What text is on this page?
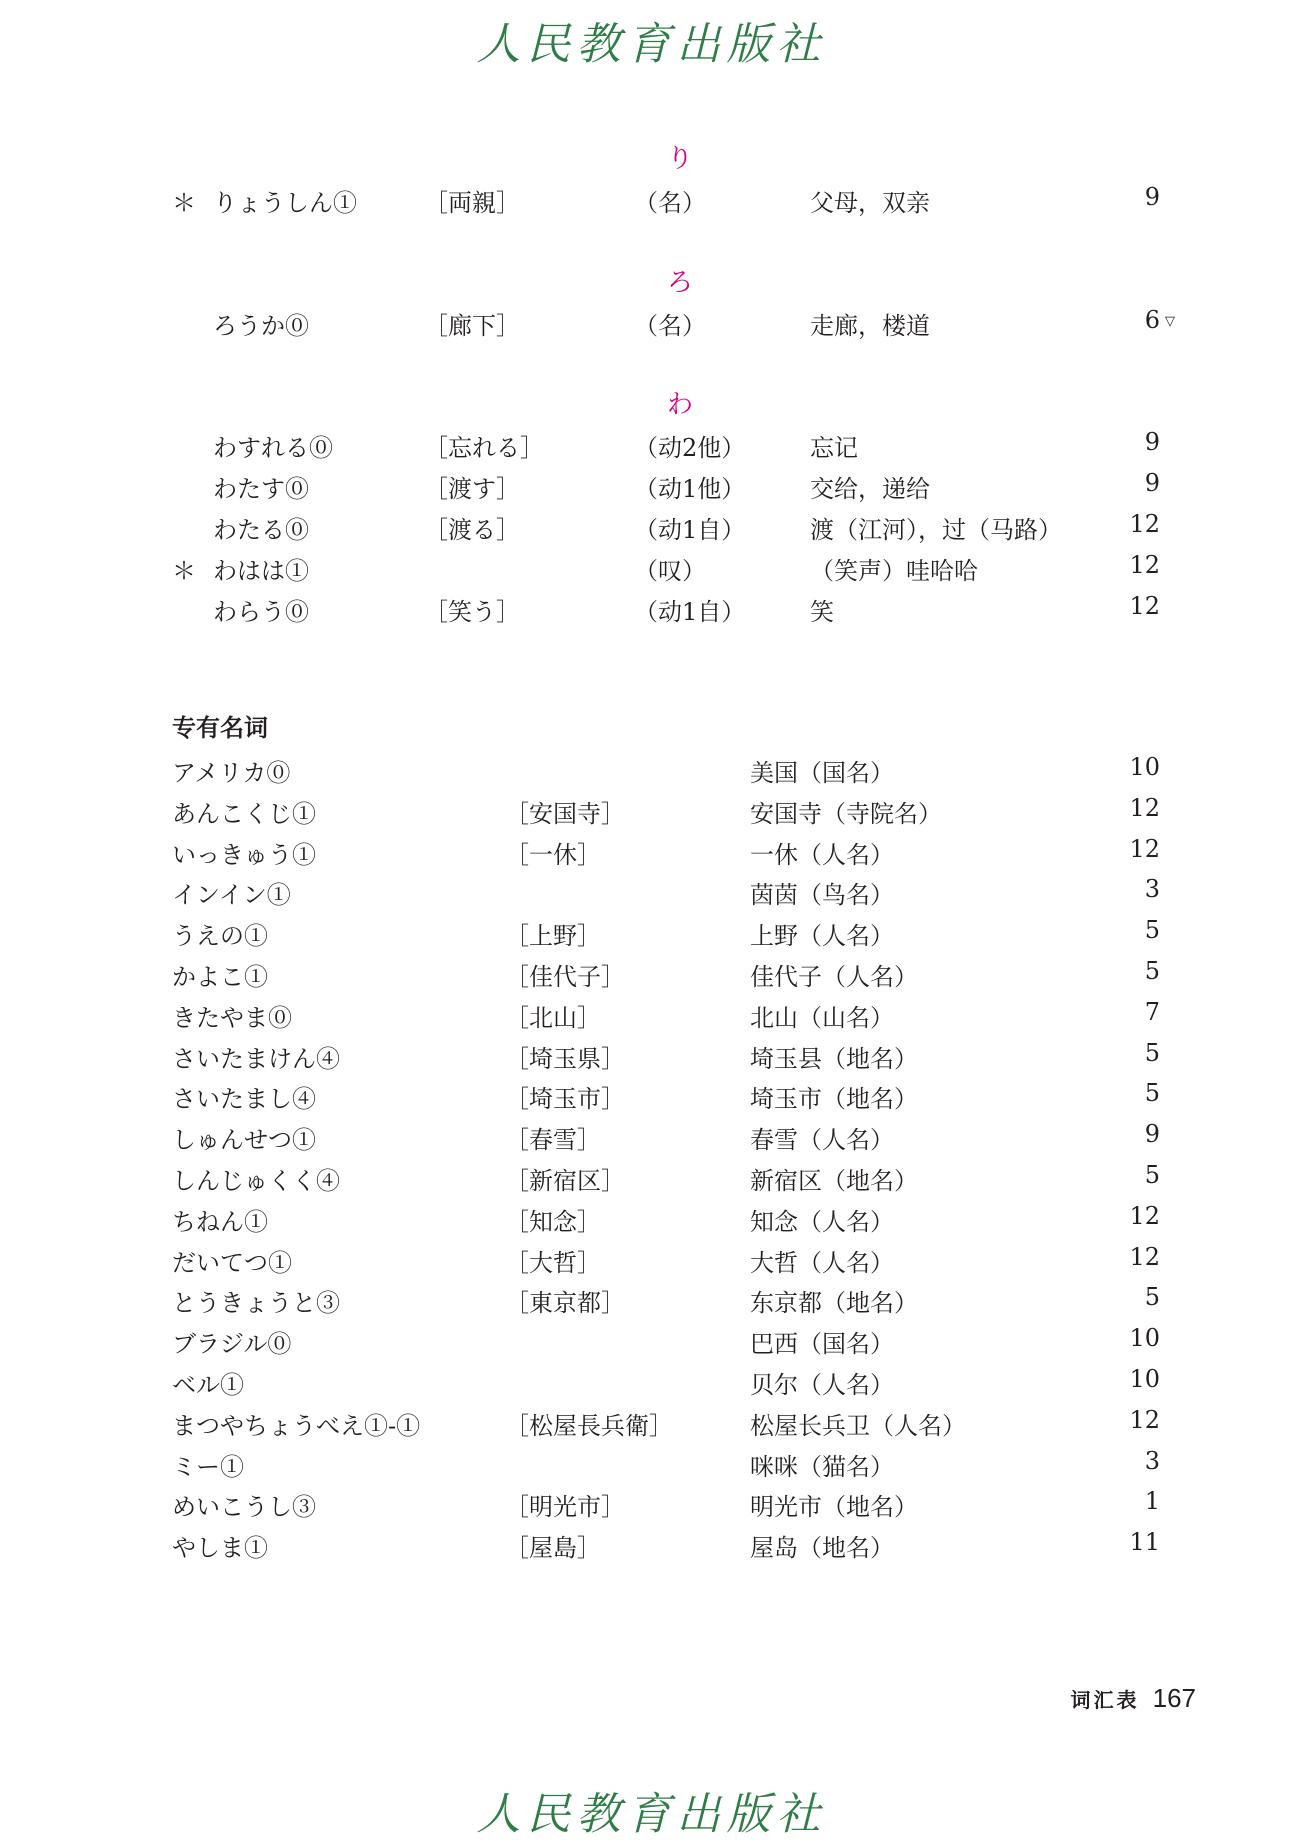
人民教育出版社
り
＊ りょうしん①	［両親］	（名）	父母，双亲	9
ろ
ろうか⓪	［廊下］	（名）	走廊，楼道	6 ▽
わ
わすれる⓪	［忘れる］	（动2他）	忘记	9
わたす⓪	［渡す］	（动1他）	交给，递给	9
わたる⓪	［渡る］	（动1自）	渡（江河），过（马路）	12
＊ わはは①	（叹）	（笑声）哇哈哈	12
わらう⓪	［笑う］	（动1自）	笑	12
专有名词
アメリカ⓪	美国（国名）	10
あんこくじ①	［安国寺］	安国寺（寺院名）	12
いっきゅう①	［一休］	一休（人名）	12
インイン①	茵茵（鸟名）	3
うえの①	［上野］	上野（人名）	5
かよこ①	［佳代子］	佳代子（人名）	5
きたやま⓪	［北山］	北山（山名）	7
さいたまけん④	［埼玉県］	埼玉县（地名）	5
さいたまし④	［埼玉市］	埼玉市（地名）	5
しゅんせつ①	［春雪］	春雪（人名）	9
しんじゅくく④	［新宿区］	新宿区（地名）	5
ちねん①	［知念］	知念（人名）	12
だいてつ①	［大哲］	大哲（人名）	12
とうきょうと③	［東京都］	东京都（地名）	5
ブラジル⓪	巴西（国名）	10
ベル①	贝尔（人名）	10
まつやちょうべえ①-①	［松屋長兵衛］	松屋长兵卫（人名）	12
ミー①	咪咪（猫名）	3
めいこうし③	［明光市］	明光市（地名）	1
やしま①	［屋島］	屋岛（地名）	11
词汇表 167
人民教育出版社
